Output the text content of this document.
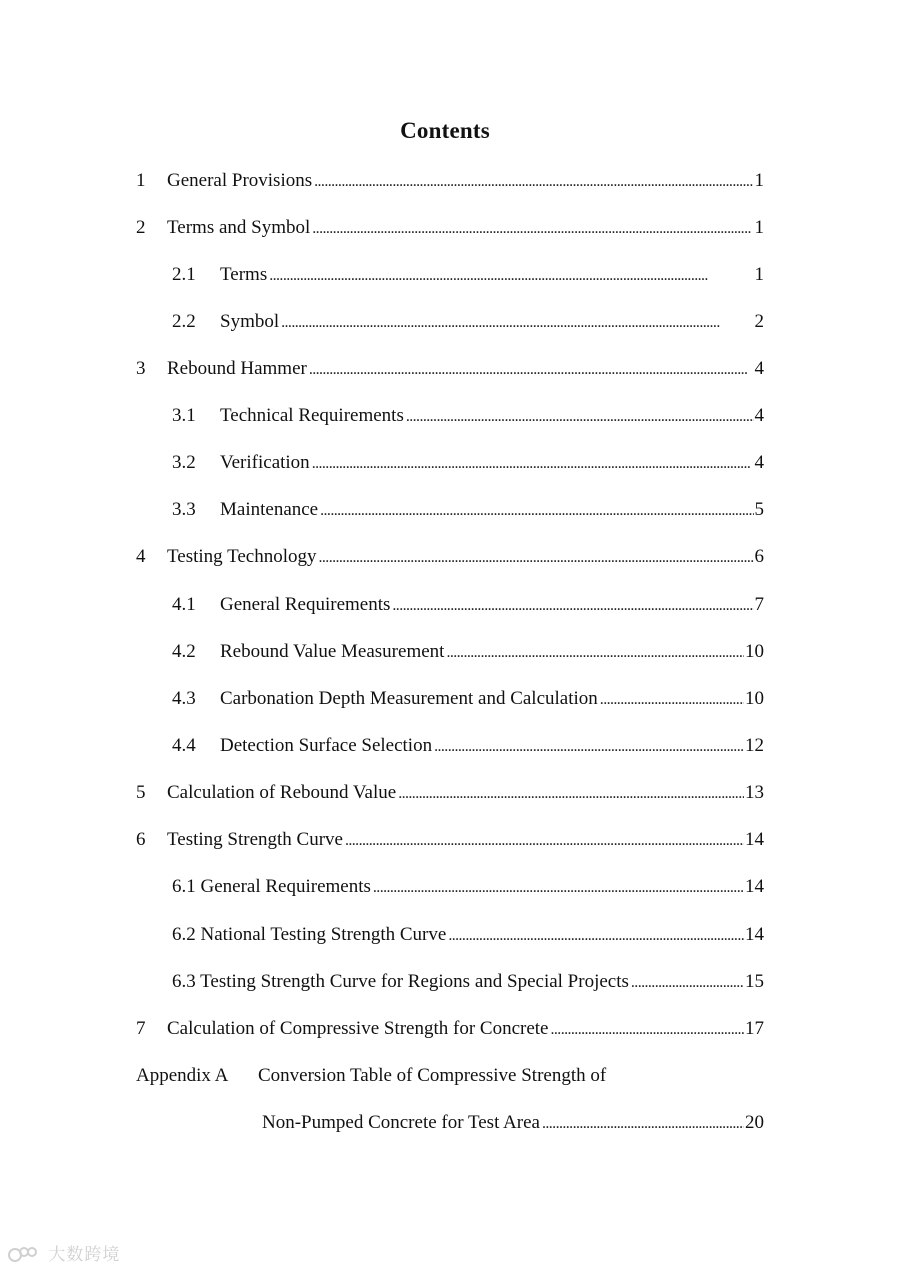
Contents
1	General Provisions . . .	1
2	Terms and Symbol . . .	1
2.1	Terms . . .	1
2.2	Symbol . . .	2
3	Rebound Hammer . . .	4
3.1	Technical Requirements . . .	4
3.2	Verification . . .	4
3.3	Maintenance . . .	5
4	Testing Technology . . .	6
4.1	General Requirements . . .	7
4.2	Rebound Value Measurement . . .	10
4.3	Carbonation Depth Measurement and Calculation . . .	10
4.4	Detection Surface Selection . . .	12
5	Calculation of Rebound Value . . .	13
6	Testing Strength Curve . . .	14
6.1 General Requirements . . .	14
6.2 National Testing Strength Curve . . .	14
6.3 Testing Strength Curve for Regions and Special Projects . . .	15
7	Calculation of Compressive Strength for Concrete . . .	17
Appendix A	Conversion Table of Compressive Strength of
Non-Pumped Concrete for Test Area . . .	20
大数跨境
